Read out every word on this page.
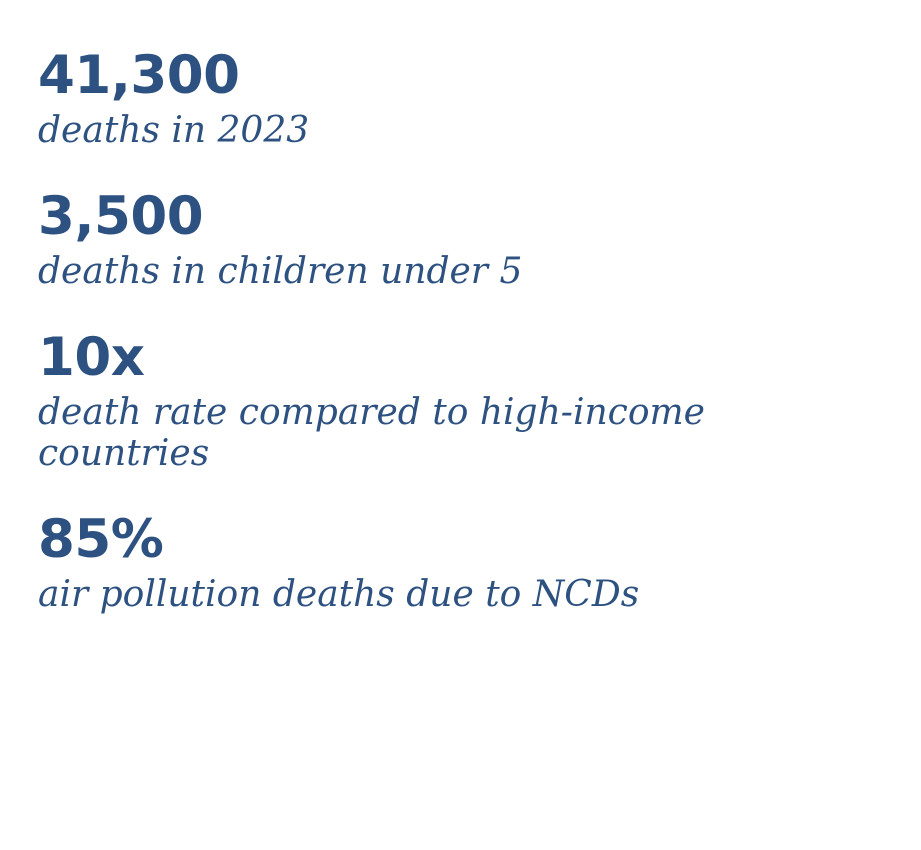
41,300
deaths in 2023
3,500
deaths in children under 5
10x
death rate compared to high-income countries
85%
air pollution deaths due to NCDs
